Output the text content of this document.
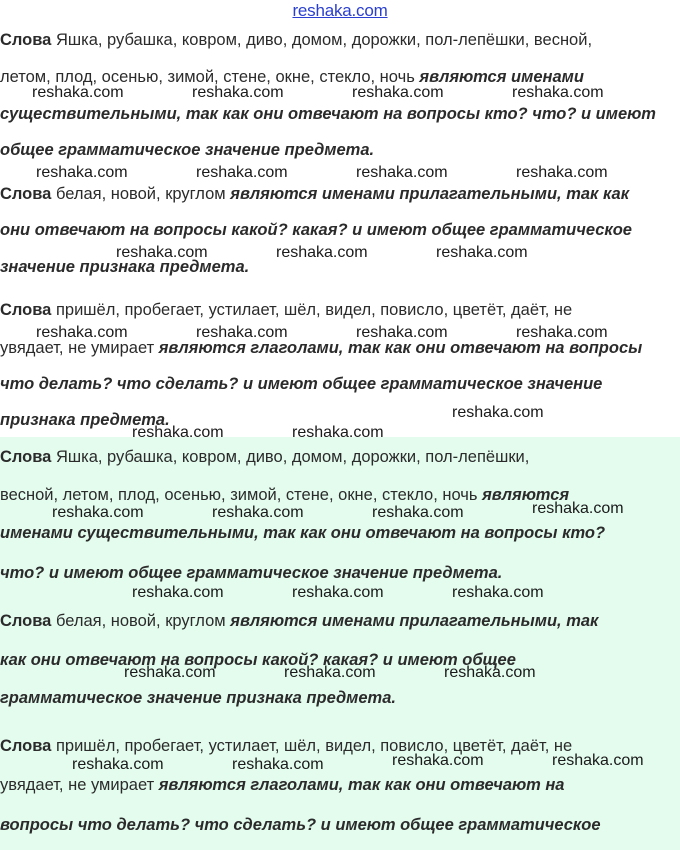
reshaka.com
Слова Яшка, рубашка, ковром, диво, домом, дорожки, пол-лепёшки, весной,
летом, плод, осенью, зимой, стене, окне, стекло, ночь являются именами
существительными, так как они отвечают на вопросы кто? что? и имеют
общее грамматическое значение предмета.
Слова белая, новой, круглом являются именами прилагательными, так как
они отвечают на вопросы какой? какая? и имеют общее грамматическое
значение признака предмета.
Слова пришёл, пробегает, устилает, шёл, видел, повисло, цветёт, даёт, не
увядает, не умирает являются глаголами, так как они отвечают на вопросы
что делать? что сделать? и имеют общее грамматическое значение
признака предмета.
Слова Яшка, рубашка, ковром, диво, домом, дорожки, пол-лепёшки,
весной, летом, плод, осенью, зимой, стене, окне, стекло, ночь являются
именами существительными, так как они отвечают на вопросы кто?
что? и имеют общее грамматическое значение предмета.
Слова белая, новой, круглом являются именами прилагательными, так
как они отвечают на вопросы какой? какая? и имеют общее
грамматическое значение признака предмета.
Слова пришёл, пробегает, устилает, шёл, видел, повисло, цветёт, даёт, не
увядает, не умирает являются глаголами, так как они отвечают на
вопросы что делать? что сделать? и имеют общее грамматическое
reshaka.com	reshaka.com	reshaka.com	reshaka.com
reshaka.com	reshaka.com	reshaka.com	reshaka.com
reshaka.com	reshaka.com	reshaka.com
reshaka.com	reshaka.com	reshaka.com	reshaka.com
reshaka.com
reshaka.com	reshaka.com
reshaka.com	reshaka.com	reshaka.com	reshaka.com
reshaka.com	reshaka.com	reshaka.com
reshaka.com	reshaka.com	reshaka.com
reshaka.com	reshaka.com	reshaka.com	reshaka.com
